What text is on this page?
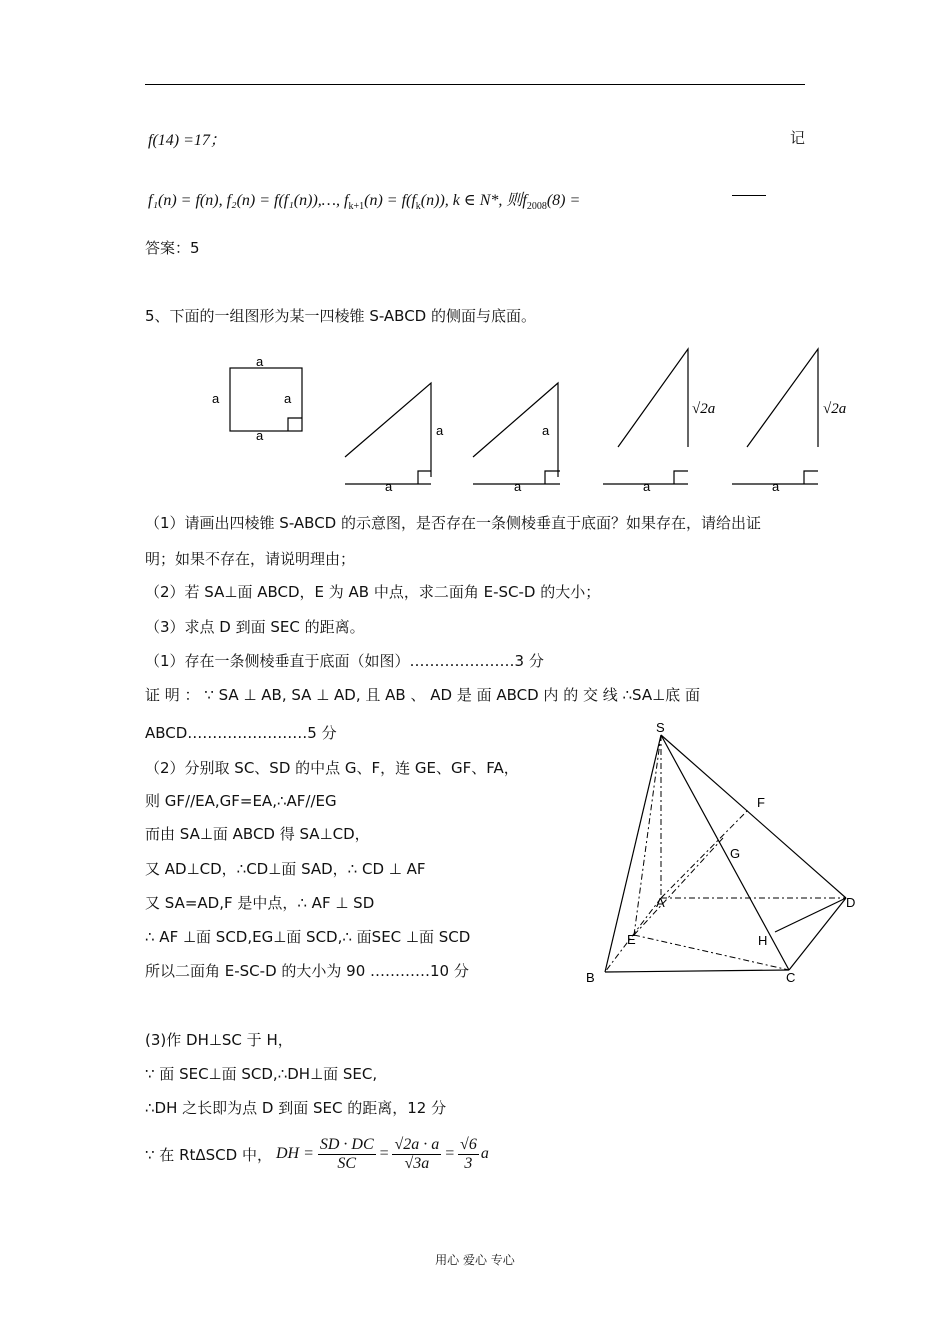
f(14) =17；	记
f₁(n) = f(n), f₂(n) = f(f₁(n)),…, $f_{k+1}(n) = f(f_k(n))$, k ∈ N*, 则$f_{2008}(8)$ =
答案：5
5、下面的一组图形为某一四棱锥 S-ABCD 的侧面与底面。
a
a	a
a	a
a
a
a
√2a
a
√2a
a
（1）请画出四棱锥 S-ABCD 的示意图，是否存在一条侧棱垂直于底面？如果存在，请给出证
明；如果不存在，请说明理由；
（2）若 SA⊥面 ABCD，E 为 AB 中点，求二面角 E-SC-D 的大小；
（3）求点 D 到面 SEC 的距离。
（1）存在一条侧棱垂直于底面（如图）…………………3 分
证 明 ： ∵ SA ⊥ AB, SA ⊥ AD, 且 AB 、 AD 是 面 ABCD 内 的 交 线 ∴SA⊥底 面
ABCD……………………5 分
（2）分别取 SC、SD 的中点 G、F，连 GE、GF、FA，
则 GF//EA,GF=EA,∴AF//EG
而由 SA⊥面 ABCD 得 SA⊥CD，
又 AD⊥CD，∴CD⊥面 SAD，∴ CD ⊥ AF
又 SA=AD,F 是中点，∴ AF ⊥ SD
∴ AF ⊥面 SCD,EG⊥面 SCD,∴ 面SEC ⊥面 SCD
所以二面角 E-SC-D 的大小为 90 …………10 分
(3)作 DH⊥SC 于 H，
∵ 面 SEC⊥面 SCD,∴DH⊥面 SEC,
∴DH 之长即为点 D 到面 SEC 的距离，12 分
∵ 在 RtΔSCD 中， DH = $\frac{SD \cdot DC}{SC} = \frac{√2a \cdot a}{√3a} = \frac{√6}{3}$ a
S
F
G
A	D
E	H
B	C
用心 爱心 专心
